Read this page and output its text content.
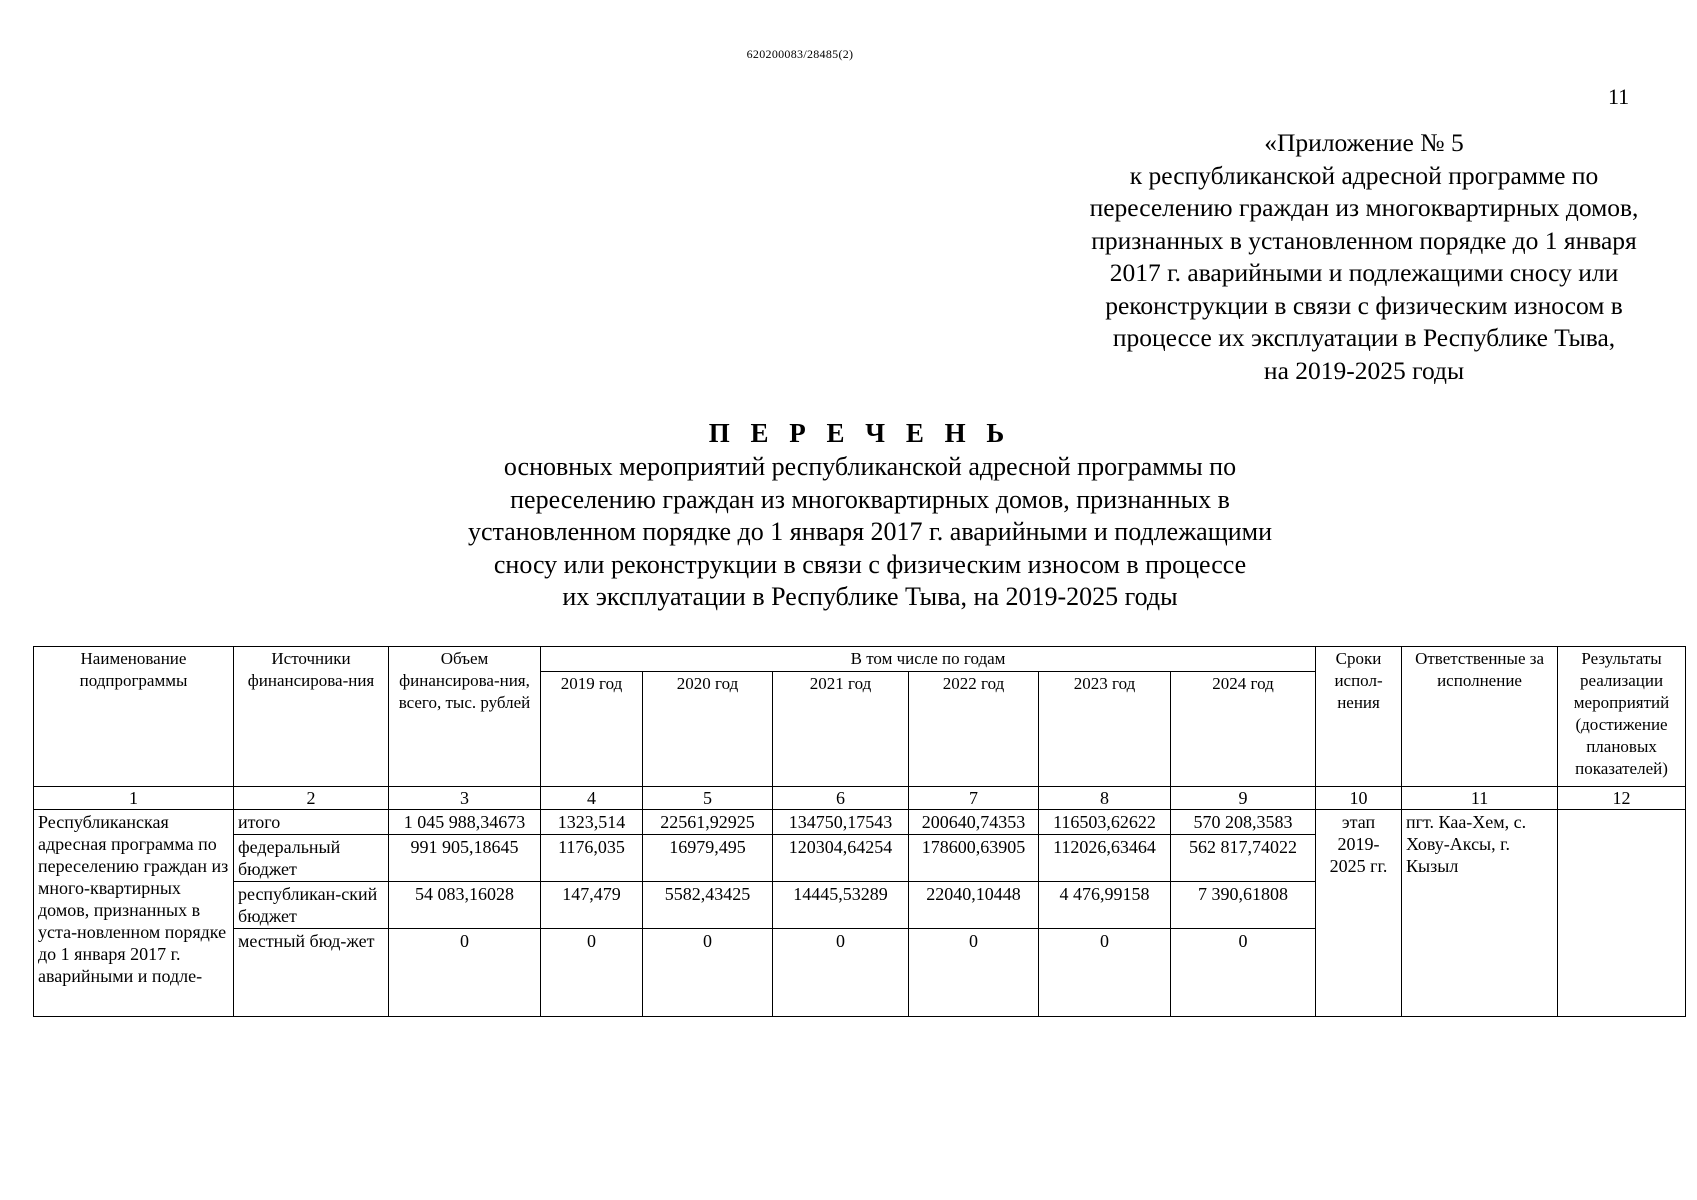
620200083/28485(2)
11
«Приложение № 5
к республиканской адресной программе по
переселению граждан из многоквартирных домов,
признанных в установленном порядке до 1 января
2017 г. аварийными и подлежащими сносу или
реконструкции в связи с физическим износом в
процессе их эксплуатации в Республике Тыва,
на 2019-2025 годы
П Е Р Е Ч Е Н Ь
основных мероприятий республиканской адресной программы по
переселению граждан из многоквартирных домов, признанных в
установленном порядке до 1 января 2017 г. аварийными и подлежащими
сносу или реконструкции в связи с физическим износом в процессе
их эксплуатации в Республике Тыва, на 2019-2025 годы
Наименование подпрограммы	Источники финансирова-ния	Объем финансирова-ния, всего, тыс. рублей	В том числе по годам						Сроки испол-нения	Ответственные за исполнение	Результаты реализации мероприятий (достижение плановых показателей)
			2019 год	2020 год	2021 год	2022 год	2023 год	2024 год			
1	2	3	4	5	6	7	8	9	10	11	12
Республиканская адресная программа по переселению граждан из много-квартирных домов, признанных в уста-новленном порядке до 1 января 2017 г. аварийными и подле-	итого	1 045 988,34673	1323,514	22561,92925	134750,17543	200640,74353	116503,62622	570 208,3583	этап 2019-2025 гг.	пгт. Каа-Хем, с. Хову-Аксы, г. Кызыл	
	федеральный бюджет	991 905,18645	1176,035	16979,495	120304,64254	178600,63905	112026,63464	562 817,74022			
	республикан-ский бюджет	54 083,16028	147,479	5582,43425	14445,53289	22040,10448	4 476,99158	7 390,61808			
	местный бюд-жет	0	0	0	0	0	0	0			
